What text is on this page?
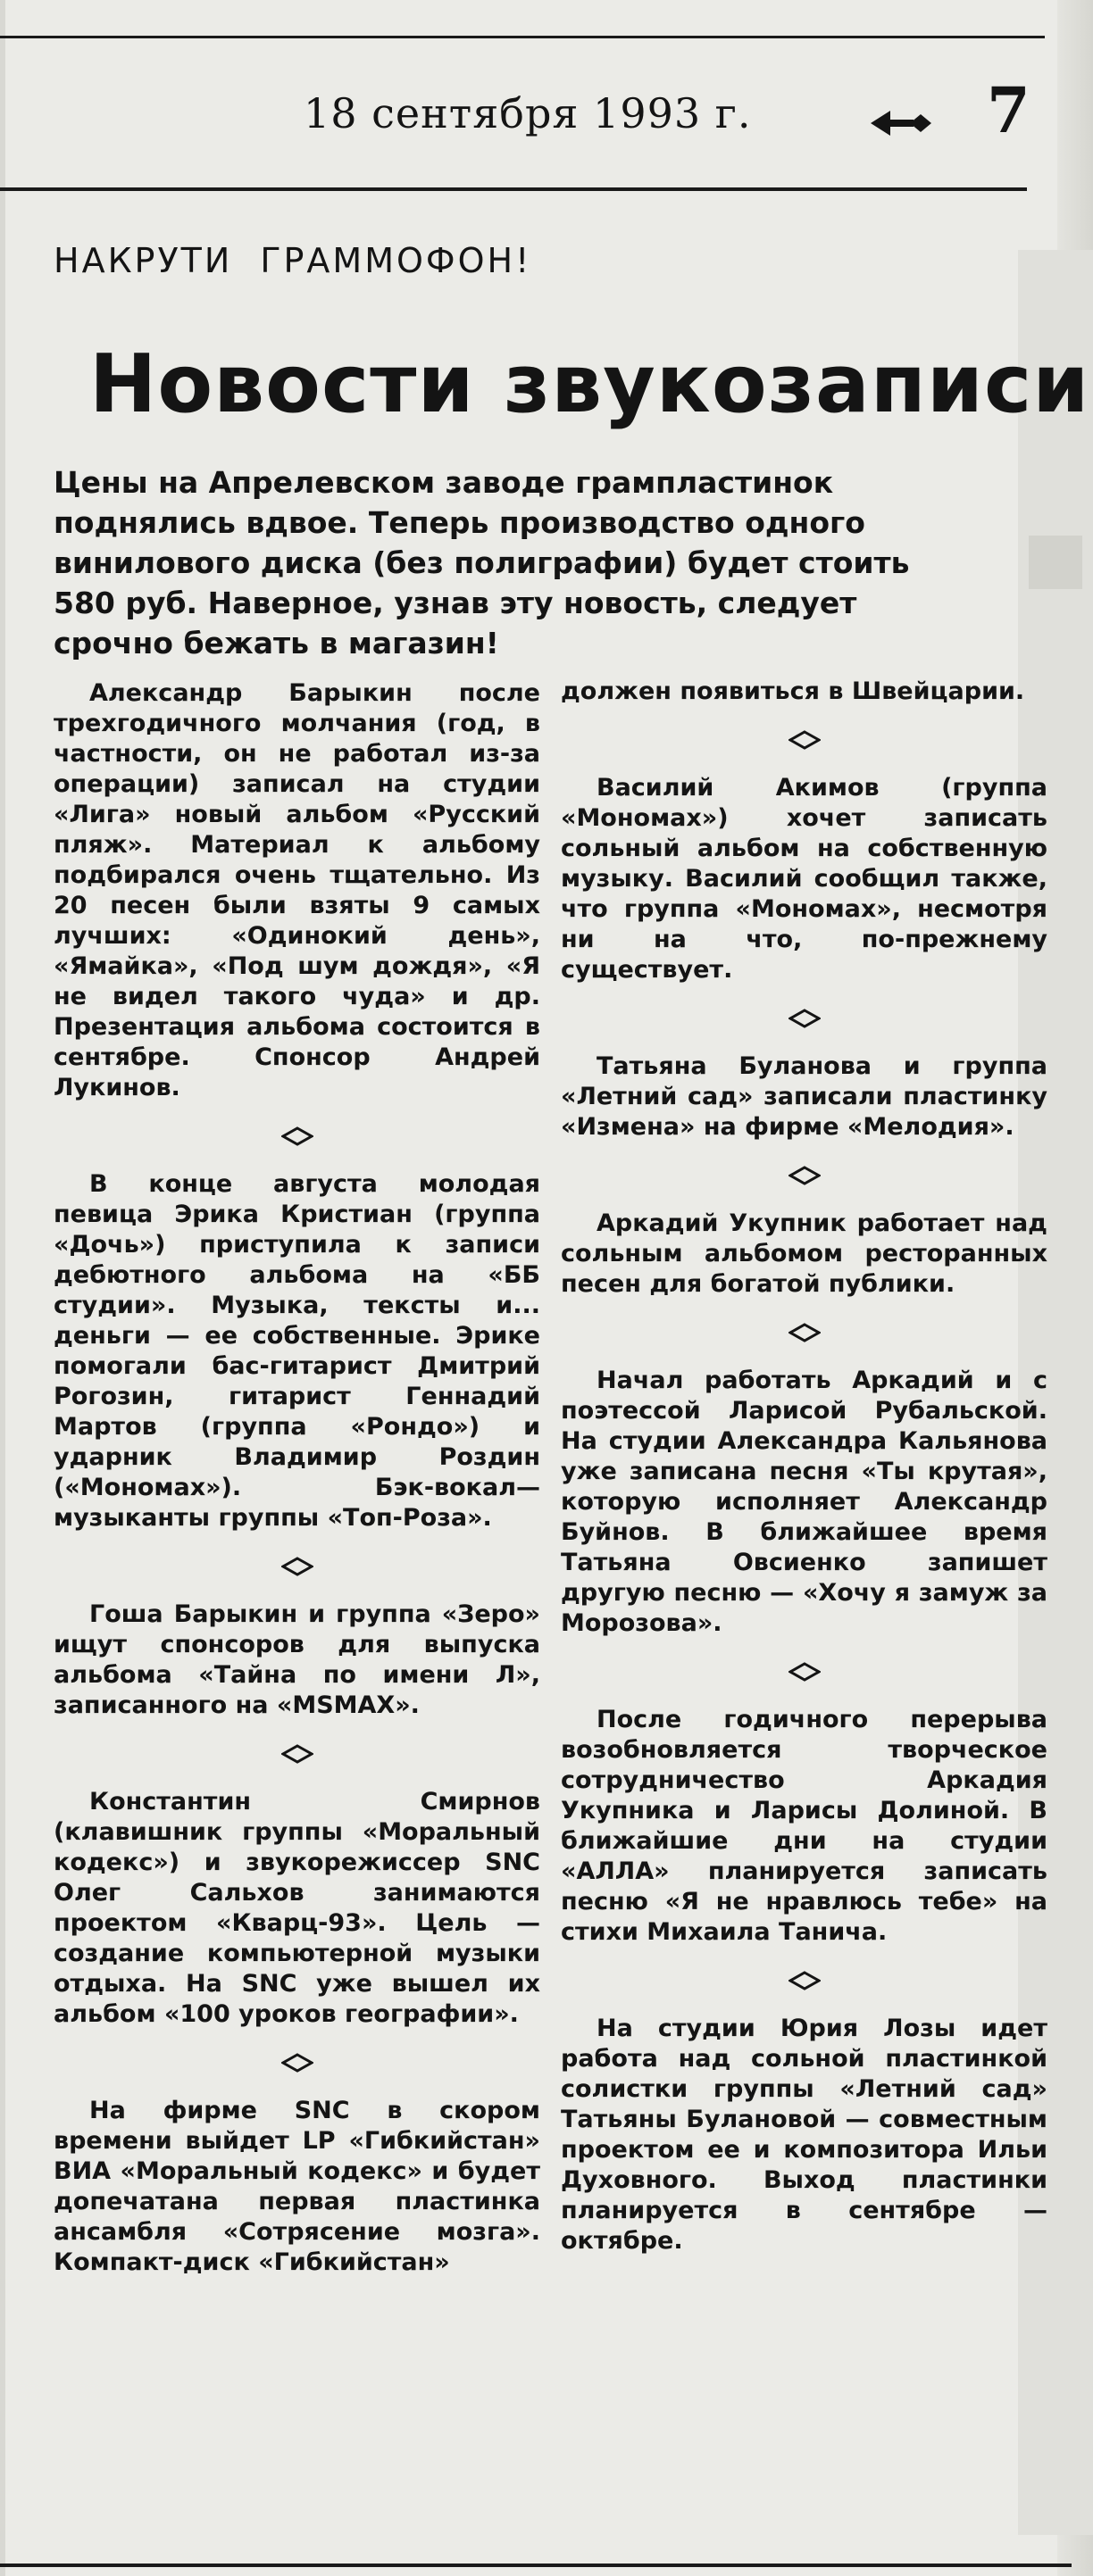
18 сентября 1993 г.	7
НАКРУТИ ГРАММОФОН!
Новости звукозаписи
Цены на Апрелевском заводе грампластинок поднялись вдвое. Теперь производство одного винилового диска (без полиграфии) будет стоить 580 руб. Наверное, узнав эту новость, следует срочно бежать в магазин!

Александр Барыкин после трехгодичного молчания (год, в частности, он не работал из-за операции) записал на студии «Лига» новый альбом «Русский пляж». Материал к альбому подбирался очень тщательно. Из 20 песен были взяты 9 самых лучших: «Одинокий день», «Ямайка», «Под шум дождя», «Я не видел такого чуда» и др. Презентация альбома состоится в сентябре. Спонсор Андрей Лукинов.

В конце августа молодая певица Эрика Кристиан (группа «Дочь») приступила к записи дебютного альбома на «ББ студии». Музыка, тексты и... деньги — ее собственные. Эрике помогали бас-гитарист Дмитрий Рогозин, гитарист Геннадий Мартов (группа «Рондо») и ударник Владимир Роздин («Мономах»). Бэк-вокал—музыканты группы «Топ-Роза».

Гоша Барыкин и группа «Зеро» ищут спонсоров для выпуска альбома «Тайна по имени Л», записанного на «MSMAX».

Константин Смирнов (клавишник группы «Моральный кодекс») и звукорежиссер SNC Олег Сальхов занимаются проектом «Кварц-93». Цель — создание компьютерной музыки отдыха. На SNC уже вышел их альбом «100 уроков географии».

На фирме SNC в скором времени выйдет LP «Гибкийстан» ВИА «Моральный кодекс» и будет допечатана первая пластинка ансамбля «Сотрясение мозга». Компакт-диск «Гибкийстан»

должен появиться в Швейцарии.

Василий Акимов (группа «Мономах») хочет записать сольный альбом на собственную музыку. Василий сообщил также, что группа «Мономах», несмотря ни на что, по-прежнему существует.

Татьяна Буланова и группа «Летний сад» записали пластинку «Измена» на фирме «Мелодия».

Аркадий Укупник работает над сольным альбомом ресторанных песен для богатой публики.

Начал работать Аркадий и с поэтессой Ларисой Рубальской. На студии Александра Кальянова уже записана песня «Ты крутая», которую исполняет Александр Буйнов. В ближайшее время Татьяна Овсиенко запишет другую песню — «Хочу я замуж за Морозова».

После годичного перерыва возобновляется творческое сотрудничество Аркадия Укупника и Ларисы Долиной. В ближайшие дни на студии «АЛЛА» планируется записать песню «Я не нравлюсь тебе» на стихи Михаила Танича.

На студии Юрия Лозы идет работа над сольной пластинкой солистки группы «Летний сад» Татьяны Булановой — совместным проектом ее и композитора Ильи Духовного. Выход пластинки планируется в сентябре — октябре.
